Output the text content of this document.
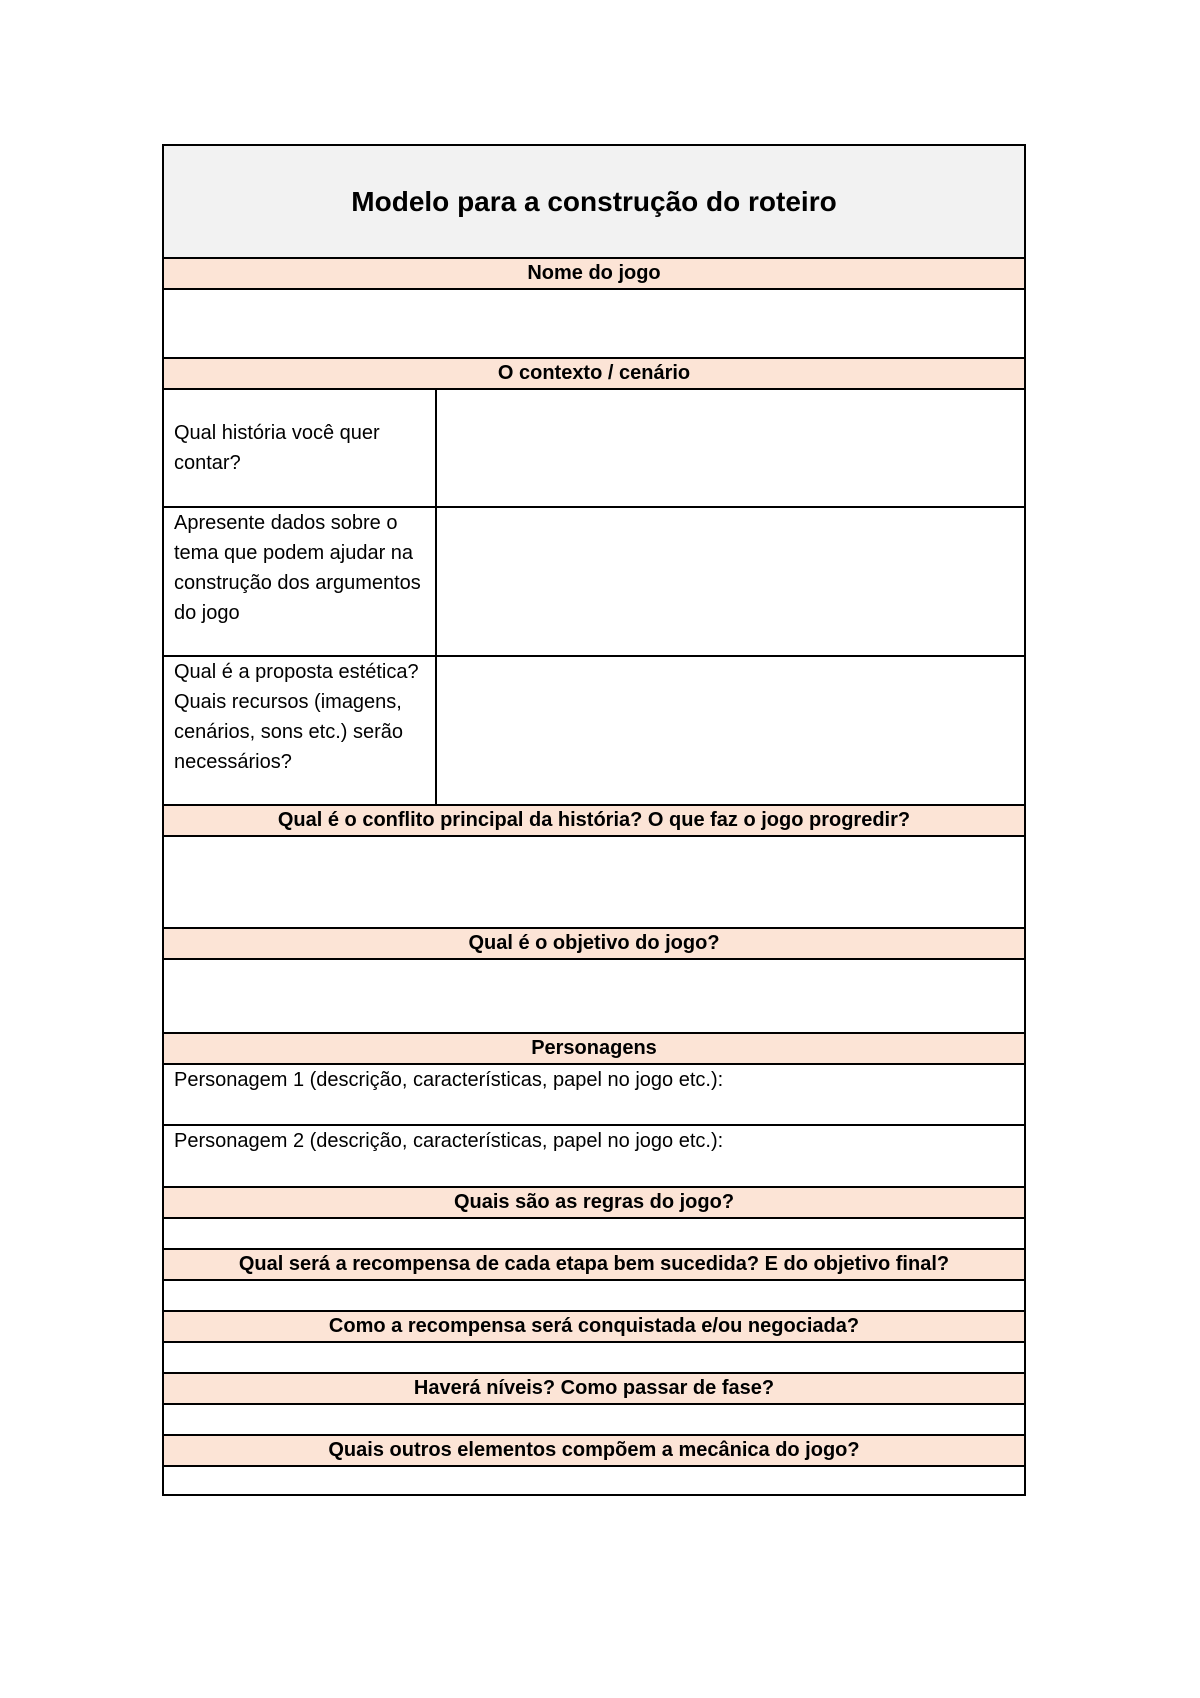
Modelo para a construção do roteiro
Nome do jogo
O contexto / cenário
Qual história você quer contar?
Apresente dados sobre o tema que podem ajudar na construção dos argumentos do jogo
Qual é a proposta estética? Quais recursos (imagens, cenários, sons etc.) serão necessários?
Qual é o conflito principal da história? O que faz o jogo progredir?
Qual é o objetivo do jogo?
Personagens
Personagem 1 (descrição, características, papel no jogo etc.):
Personagem 2 (descrição, características, papel no jogo etc.):
Quais são as regras do jogo?
Qual será a recompensa de cada etapa bem sucedida? E do objetivo final?
Como a recompensa será conquistada e/ou negociada?
Haverá níveis? Como passar de fase?
Quais outros elementos compõem a mecânica do jogo?
